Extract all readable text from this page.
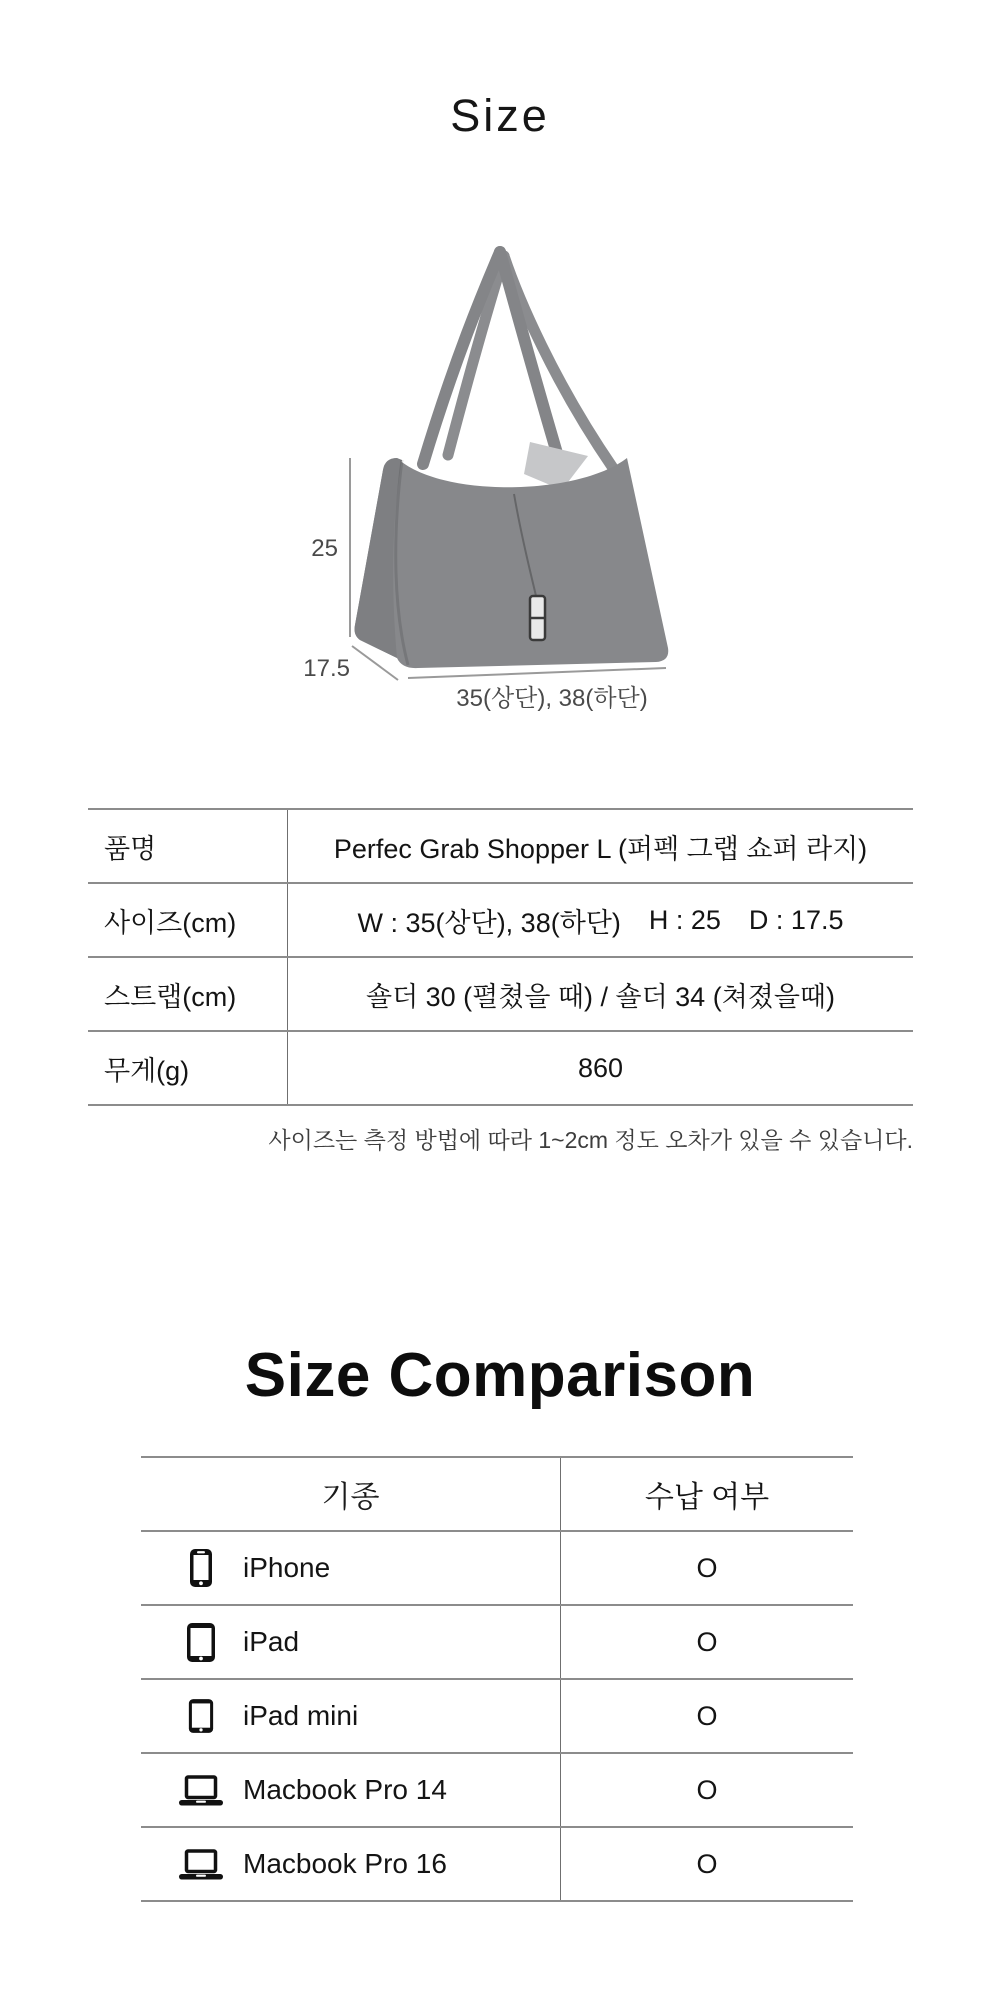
Size
25
17.5
35(상단), 38(하단)
품명	Perfec Grab Shopper L (퍼펙 그랩 쇼퍼 라지)
사이즈(cm)	W : 35(상단), 38(하단) H : 25 D : 17.5
스트랩(cm)	숄더 30 (펼쳤을 때) / 숄더 34 (쳐졌을때)
무게(g)	860
사이즈는 측정 방법에 따라 1~2cm 정도 오차가 있을 수 있습니다.
Size Comparison
기종	수납 여부
iPhone	O
iPad	O
iPad mini	O
Macbook Pro 14	O
Macbook Pro 16	O
